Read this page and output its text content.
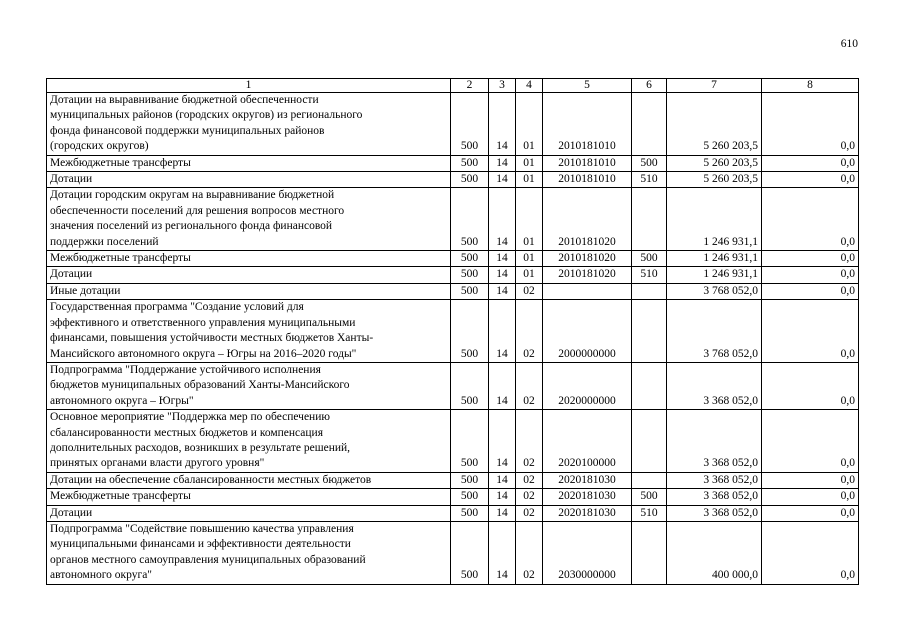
610
1	2	3	4	5	6	7	8
Дотации на выравнивание бюджетной обеспеченности
муниципальных районов (городских округов) из регионального
фонда финансовой поддержки муниципальных районов
(городских округов)	500	14	01	2010181010		5 260 203,5	0,0
Межбюджетные трансферты	500	14	01	2010181010	500	5 260 203,5	0,0
Дотации	500	14	01	2010181010	510	5 260 203,5	0,0
Дотации городским округам на выравнивание бюджетной
обеспеченности поселений для решения вопросов местного
значения поселений из регионального фонда финансовой
поддержки поселений	500	14	01	2010181020		1 246 931,1	0,0
Межбюджетные трансферты	500	14	01	2010181020	500	1 246 931,1	0,0
Дотации	500	14	01	2010181020	510	1 246 931,1	0,0
Иные дотации	500	14	02			3 768 052,0	0,0
Государственная программа "Создание условий для
эффективного и ответственного управления муниципальными
финансами, повышения устойчивости местных бюджетов Ханты-
Мансийского автономного округа – Югры на 2016–2020 годы"	500	14	02	2000000000		3 768 052,0	0,0
Подпрограмма "Поддержание устойчивого исполнения
бюджетов муниципальных образований Ханты-Мансийского
автономного округа – Югры"	500	14	02	2020000000		3 368 052,0	0,0
Основное мероприятие "Поддержка мер по обеспечению
сбалансированности местных бюджетов и компенсация
дополнительных расходов, возникших в результате решений,
принятых органами власти другого уровня"	500	14	02	2020100000		3 368 052,0	0,0
Дотации на обеспечение сбалансированности местных бюджетов	500	14	02	2020181030		3 368 052,0	0,0
Межбюджетные трансферты	500	14	02	2020181030	500	3 368 052,0	0,0
Дотации	500	14	02	2020181030	510	3 368 052,0	0,0
Подпрограмма "Содействие повышению качества управления
муниципальными финансами и эффективности деятельности
органов местного самоуправления муниципальных образований
автономного округа"	500	14	02	2030000000		400 000,0	0,0
